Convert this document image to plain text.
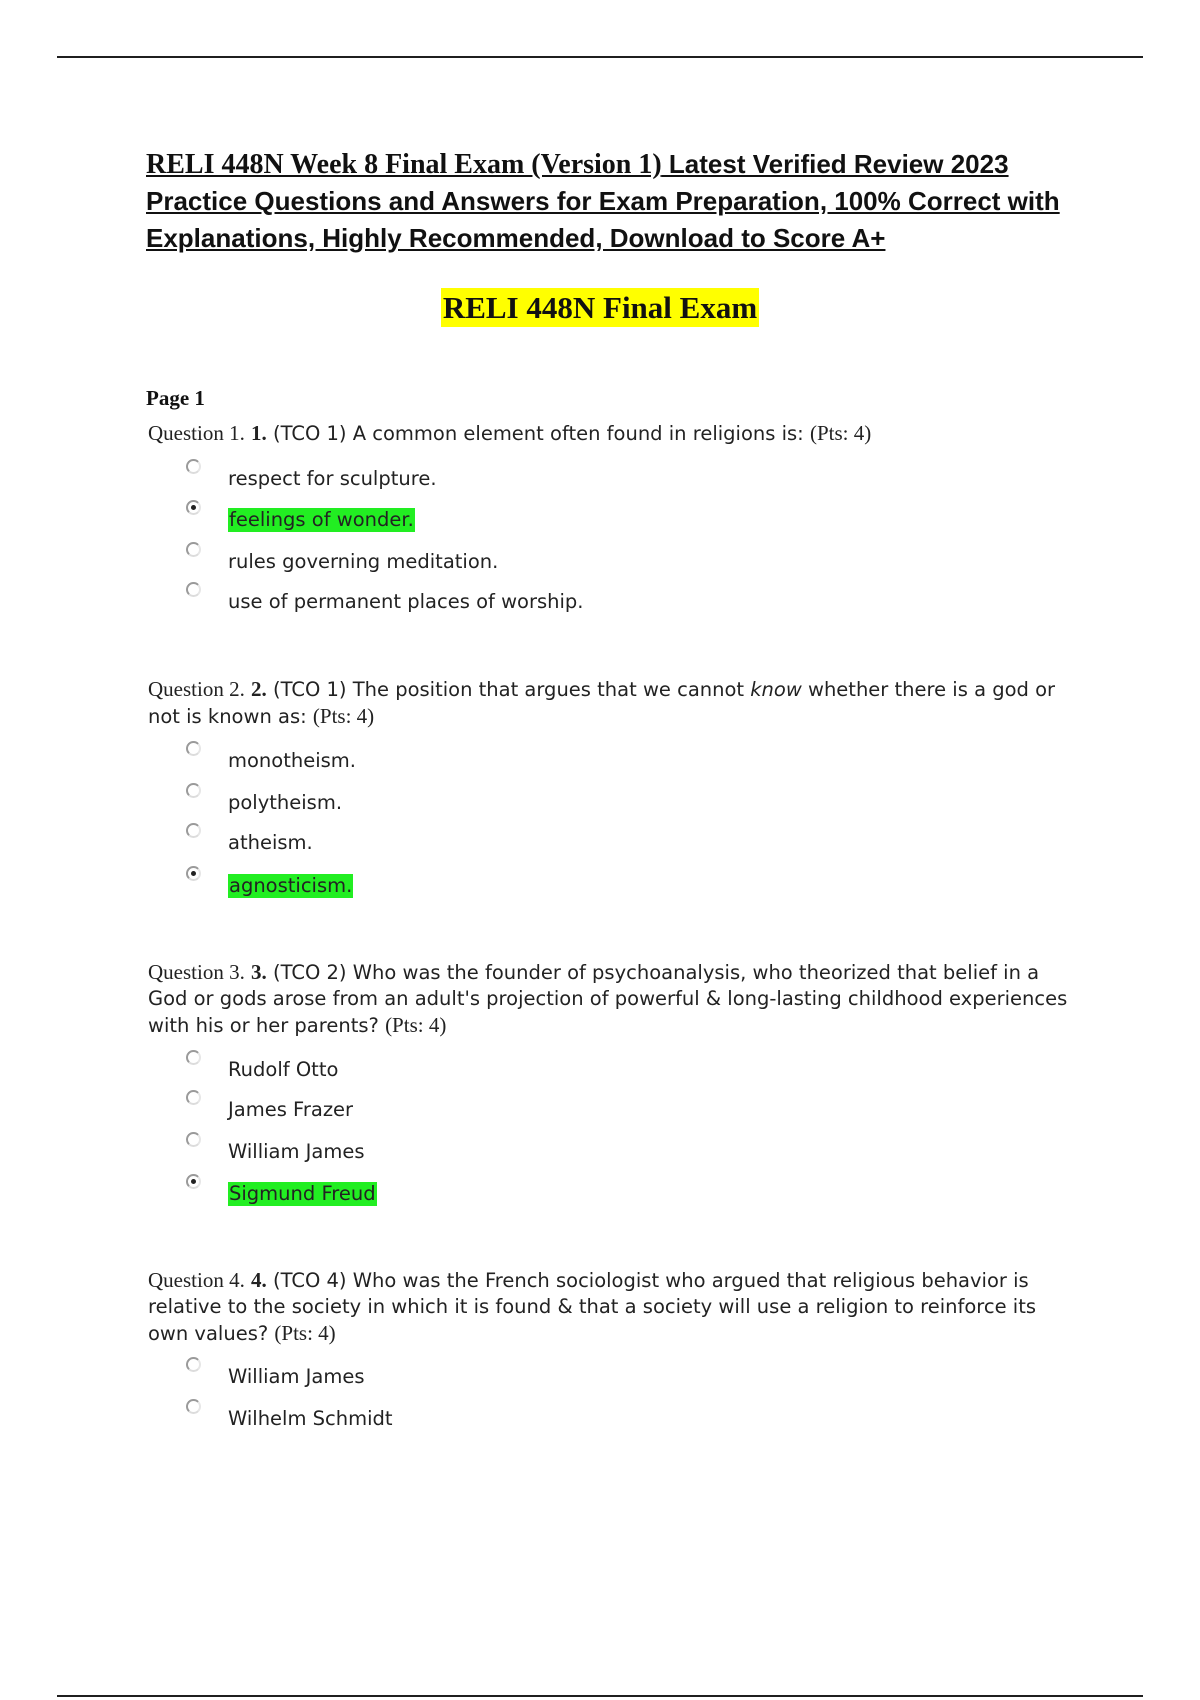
RELI 448N Week 8 Final Exam (Version 1) Latest Verified Review 2023 Practice Questions and Answers for Exam Preparation, 100% Correct with Explanations, Highly Recommended, Download to Score A+
RELI 448N Final Exam
Page 1

Question 1. 1. (TCO 1) A common element often found in religions is: (Pts: 4)

respect for sculpture.
feelings of wonder.
rules governing meditation.
use of permanent places of worship.

Question 2. 2. (TCO 1) The position that argues that we cannot know whether there is a god or not is known as: (Pts: 4)

monotheism.
polytheism.
atheism.
agnosticism.

Question 3. 3. (TCO 2) Who was the founder of psychoanalysis, who theorized that belief in a God or gods arose from an adult's projection of powerful & long-lasting childhood experiences with his or her parents? (Pts: 4)

Rudolf Otto
James Frazer
William James
Sigmund Freud

Question 4. 4. (TCO 4) Who was the French sociologist who argued that religious behavior is relative to the society in which it is found & that a society will use a religion to reinforce its own values? (Pts: 4)

William James
Wilhelm Schmidt
